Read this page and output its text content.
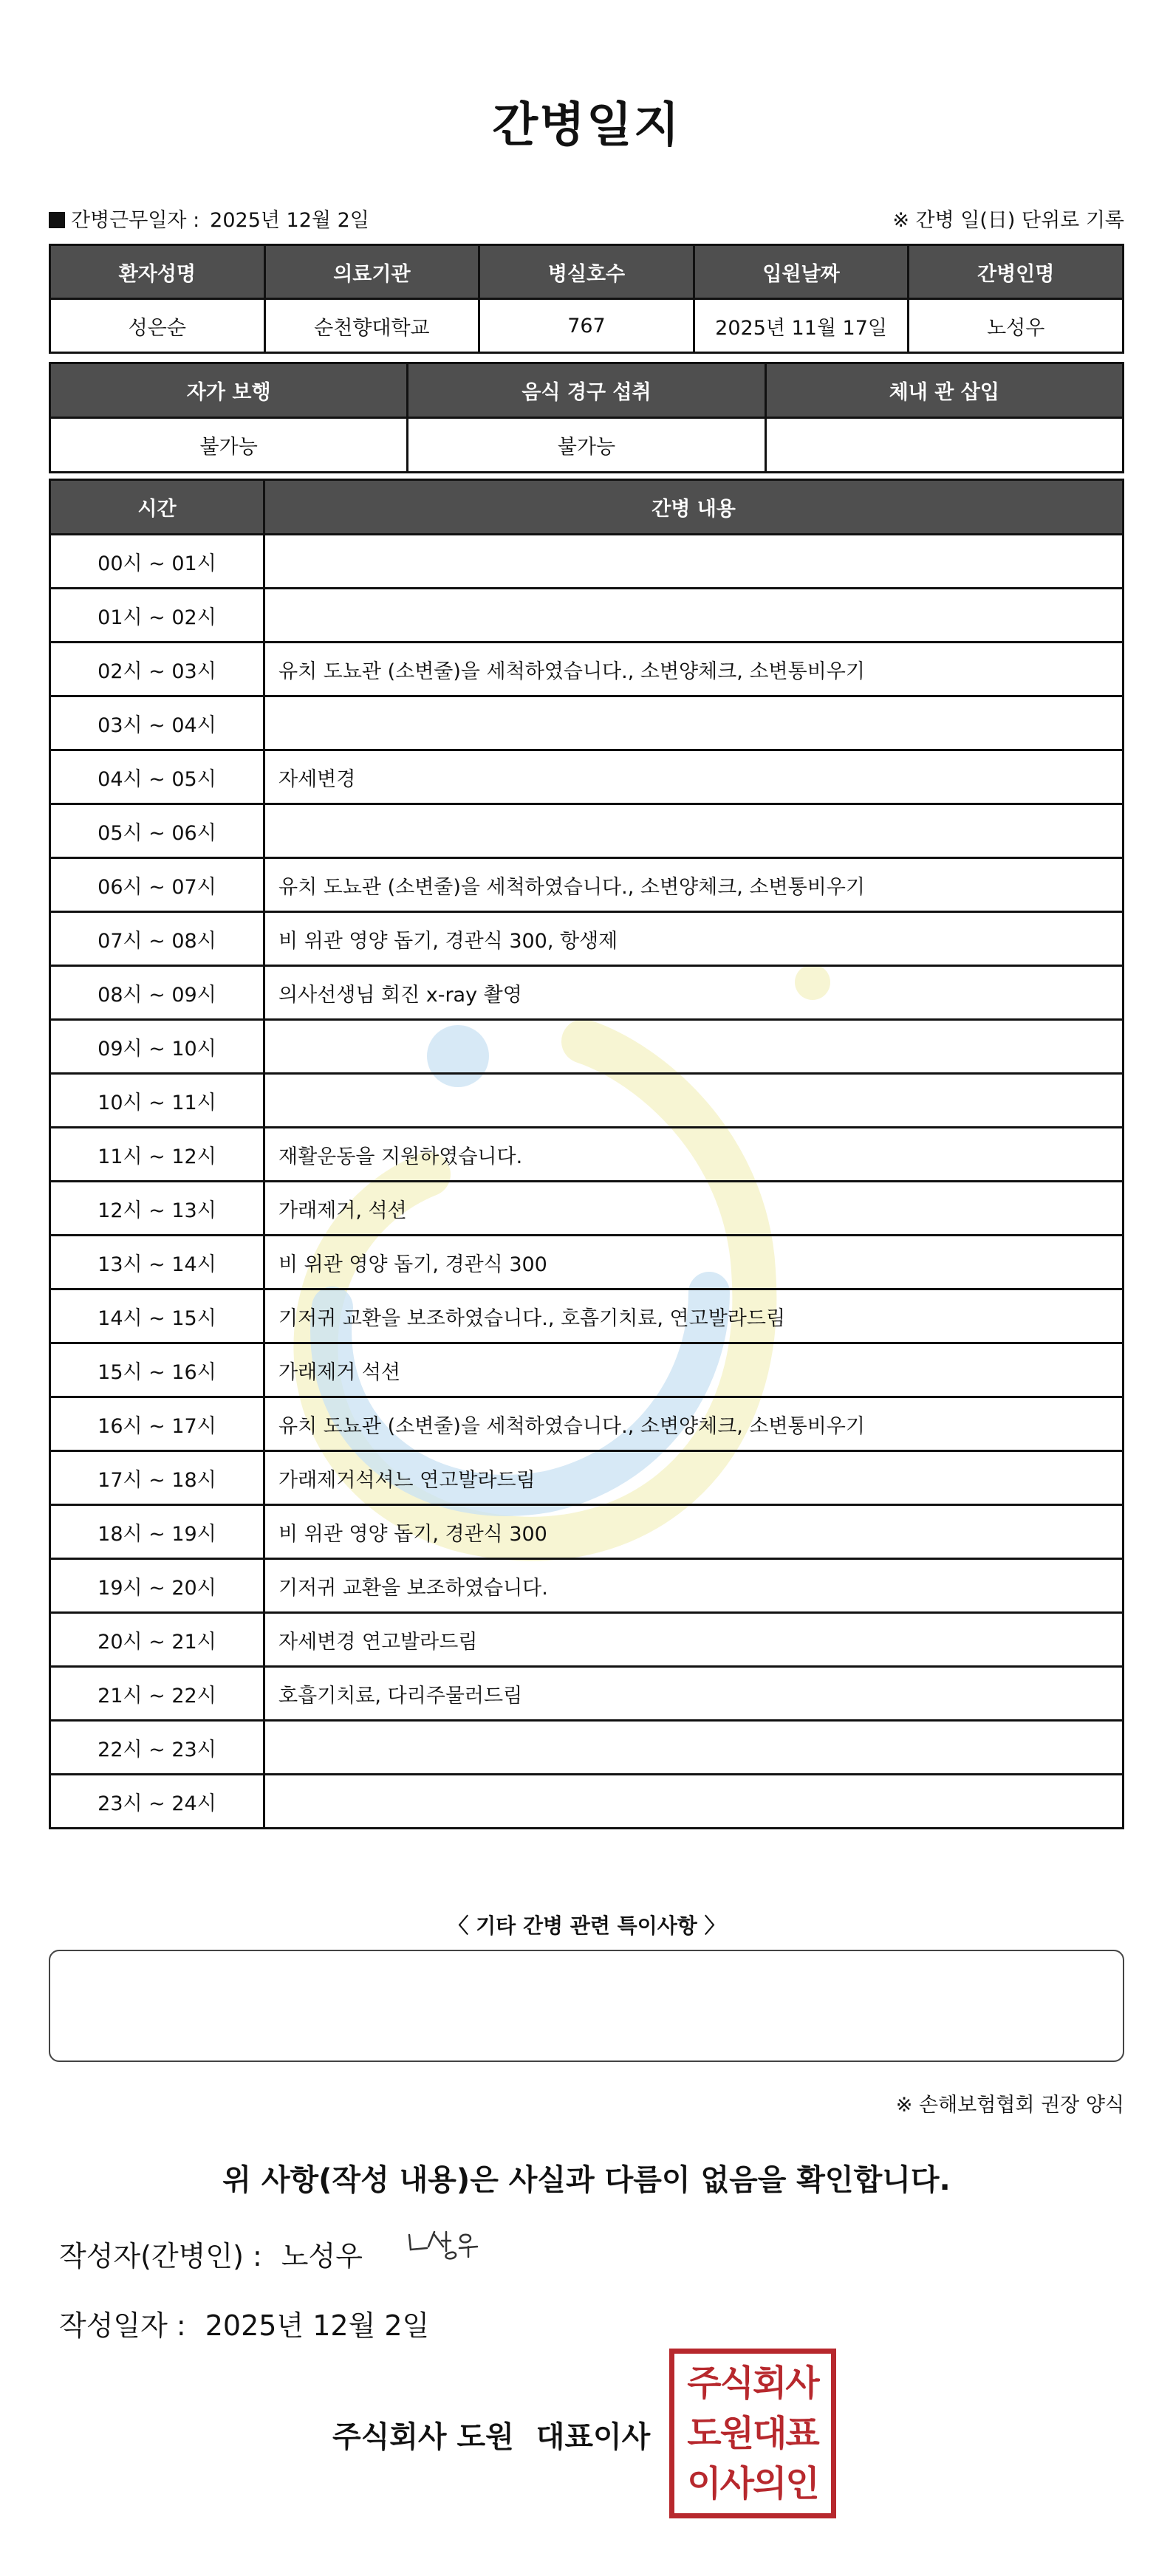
간병일지
간병근무일자 : 2025년 12월 2일	※ 간병 일(日) 단위로 기록
환자성명	의료기관	병실호수	입원날짜	간병인명
성은순	순천향대학교	767	2025년 11월 17일	노성우
자가 보행	음식 경구 섭취	체내 관 삽입
불가능	불가능	
시간	간병 내용
00시 ~ 01시	
01시 ~ 02시	
02시 ~ 03시	유치 도뇨관 (소변줄)을 세척하였습니다., 소변양체크, 소변통비우기
03시 ~ 04시	
04시 ~ 05시	자세변경
05시 ~ 06시	
06시 ~ 07시	유치 도뇨관 (소변줄)을 세척하였습니다., 소변양체크, 소변통비우기
07시 ~ 08시	비 위관 영양 돕기, 경관식 300, 항생제
08시 ~ 09시	의사선생님 회진 x-ray 촬영
09시 ~ 10시	
10시 ~ 11시	
11시 ~ 12시	재활운동을 지원하였습니다.
12시 ~ 13시	가래제거, 석션
13시 ~ 14시	비 위관 영양 돕기, 경관식 300
14시 ~ 15시	기저귀 교환을 보조하였습니다., 호흡기치료, 연고발라드림
15시 ~ 16시	가래제거 석션
16시 ~ 17시	유치 도뇨관 (소변줄)을 세척하였습니다., 소변양체크, 소변통비우기
17시 ~ 18시	가래제거석셔느 연고발라드림
18시 ~ 19시	비 위관 영양 돕기, 경관식 300
19시 ~ 20시	기저귀 교환을 보조하였습니다.
20시 ~ 21시	자세변경 연고발라드림
21시 ~ 22시	호흡기치료, 다리주물러드림
22시 ~ 23시	
23시 ~ 24시	
〈 기타 간병 관련 특이사항 〉
※ 손해보험협회 권장 양식
위 사항(작성 내용)은 사실과 다름이 없음을 확인합니다.
작성자(간병인) : 노성우
작성일자 : 2025년 12월 2일
주식회사 도원 대표이사
주식회사
도원대표
이사의인
